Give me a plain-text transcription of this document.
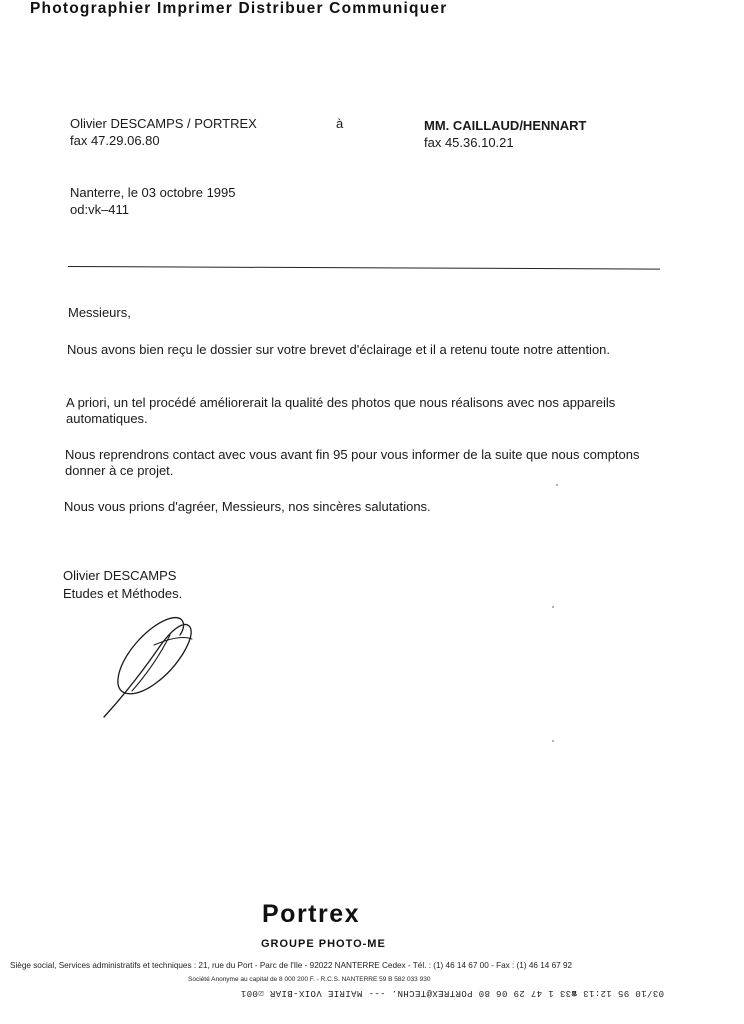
Photographier Imprimer Distribuer Communiquer
Olivier DESCAMPS / PORTREX
fax 47.29.06.80
à	MM. CAILLAUD/HENNART
fax 45.36.10.21
Nanterre, le 03 octobre 1995
od:vk–411
Messieurs,
Nous avons bien reçu le dossier sur votre brevet d'éclairage et il a retenu toute notre attention.
A priori, un tel procédé améliorerait la qualité des photos que nous réalisons avec nos appareils automatiques.
Nous reprendrons contact avec vous avant fin 95 pour vous informer de la suite que nous comptons donner à ce projet.
Nous vous prions d'agréer, Messieurs, nos sincères salutations.
Olivier DESCAMPS
Etudes et Méthodes.
Portrex
GROUPE PHOTO-ME
Siège social, Services administratifs et techniques : 21, rue du Port - Parc de l'Ile - 92022 NANTERRE Cedex - Tél. : (1) 46 14 67 00 - Fax : (1) 46 14 67 92
Société Anonyme au capital de 8 000 200 F. - R.C.S. NANTERRE 59 B 582 033 930
03/10 95 12:13 ☎33 1 47 29 06 80 PORTREX@TECHN. --- MAIRIE VOIX-BIAR ☑001
